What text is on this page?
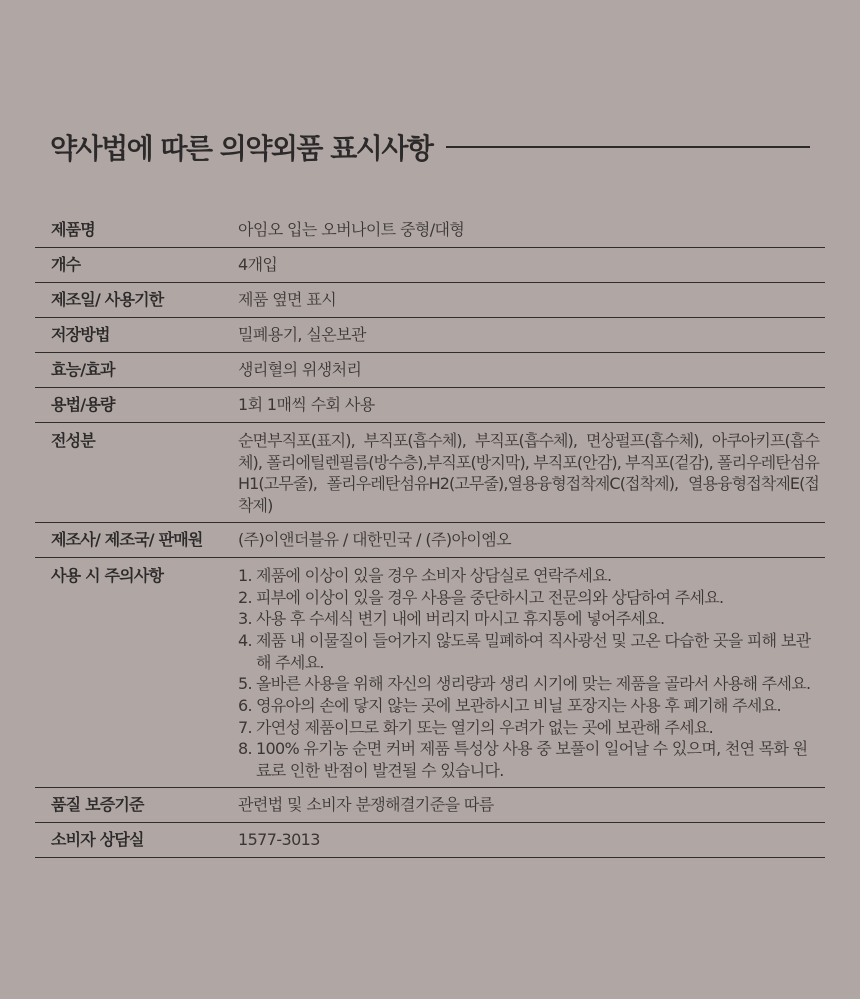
약사법에 따른 의약외품 표시사항
제품명	아임오 입는 오버나이트 중형/대형
개수	4개입
제조일/ 사용기한	제품 옆면 표시
저장방법	밀폐용기, 실온보관
효능/효과	생리혈의 위생처리
용법/용량	1회 1매씩 수회 사용
전성분	순면부직포(표지), 부직포(흡수체), 부직포(흡수체), 면상펄프(흡수체), 아쿠아키프(흡수체), 폴리에틸렌필름(방수층),부직포(방지막), 부직포(안감), 부직포(겉감), 폴리우레탄섬유H1(고무줄), 폴리우레탄섬유H2(고무줄),열용융형접착제C(접착제), 열용융형접착제E(접착제)
제조사/ 제조국/ 판매원	(주)이앤더블유 / 대한민국 / (주)아이엠오
사용 시 주의사항	1. 제품에 이상이 있을 경우 소비자 상담실로 연락주세요.
2. 피부에 이상이 있을 경우 사용을 중단하시고 전문의와 상담하여 주세요.
3. 사용 후 수세식 변기 내에 버리지 마시고 휴지통에 넣어주세요.
4. 제품 내 이물질이 들어가지 않도록 밀폐하여 직사광선 및 고온 다습한 곳을 피해 보관해 주세요.
5. 올바른 사용을 위해 자신의 생리량과 생리 시기에 맞는 제품을 골라서 사용해 주세요.
6. 영유아의 손에 닿지 않는 곳에 보관하시고 비닐 포장지는 사용 후 폐기해 주세요.
7. 가연성 제품이므로 화기 또는 열기의 우려가 없는 곳에 보관해 주세요.
8. 100% 유기농 순면 커버 제품 특성상 사용 중 보풀이 일어날 수 있으며, 천연 목화 원료로 인한 반점이 발견될 수 있습니다.
품질 보증기준	관련법 및 소비자 분쟁해결기준을 따름
소비자 상담실	1577-3013
